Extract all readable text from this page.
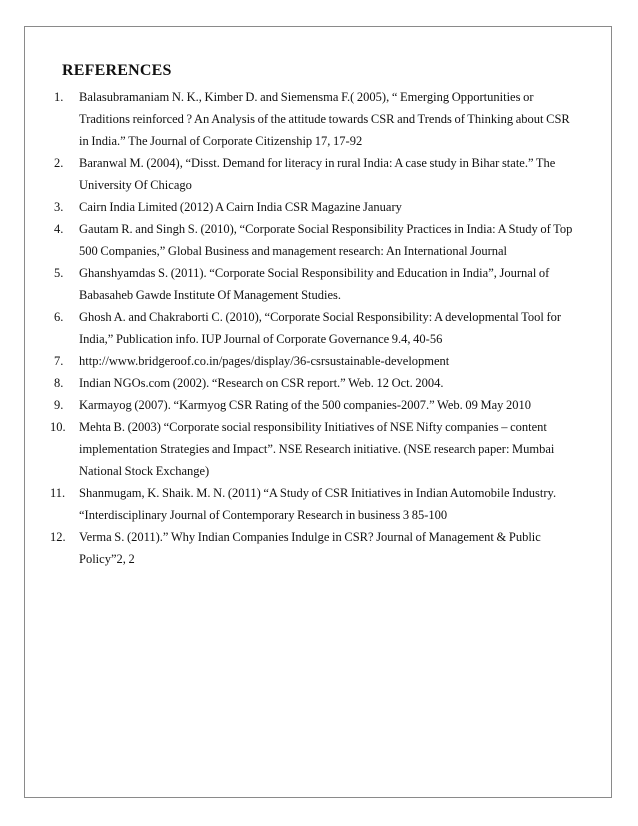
REFERENCES
1.	Balasubramaniam N. K., Kimber D. and Siemensma F.( 2005), “ Emerging Opportunities or Traditions reinforced ? An Analysis of the attitude towards CSR and Trends of Thinking about CSR in India.” The Journal of Corporate Citizenship 17, 17-92
2.	Baranwal M. (2004), “Disst. Demand for literacy in rural India: A case study in Bihar state.” The University Of Chicago
3.	Cairn India Limited (2012) A Cairn India CSR Magazine January
4.	Gautam R. and Singh S. (2010), “Corporate Social Responsibility Practices in India: A Study of Top 500 Companies,” Global Business and management research: An International Journal
5.	Ghanshyamdas S. (2011). “Corporate Social Responsibility and Education in India”, Journal of Babasaheb Gawde Institute Of Management Studies.
6.	Ghosh A. and Chakraborti C. (2010), “Corporate Social Responsibility: A developmental Tool for India,” Publication info. IUP Journal of Corporate Governance 9.4, 40-56
7.	http://www.bridgeroof.co.in/pages/display/36-csrsustainable-development
8.	Indian NGOs.com (2002). “Research on CSR report.” Web. 12 Oct. 2004.
9.	Karmayog (2007). “Karmyog CSR Rating of the 500 companies-2007.” Web. 09 May 2010
10.	Mehta B. (2003) “Corporate social responsibility Initiatives of NSE Nifty companies – content implementation Strategies and Impact”. NSE Research initiative. (NSE research paper: Mumbai National Stock Exchange)
11.	Shanmugam, K. Shaik. M. N. (2011) “A Study of CSR Initiatives in Indian Automobile Industry. “Interdisciplinary Journal of Contemporary Research in business 3 85-100
12.	Verma S. (2011).” Why Indian Companies Indulge in CSR? Journal of Management & Public Policy”2, 2
